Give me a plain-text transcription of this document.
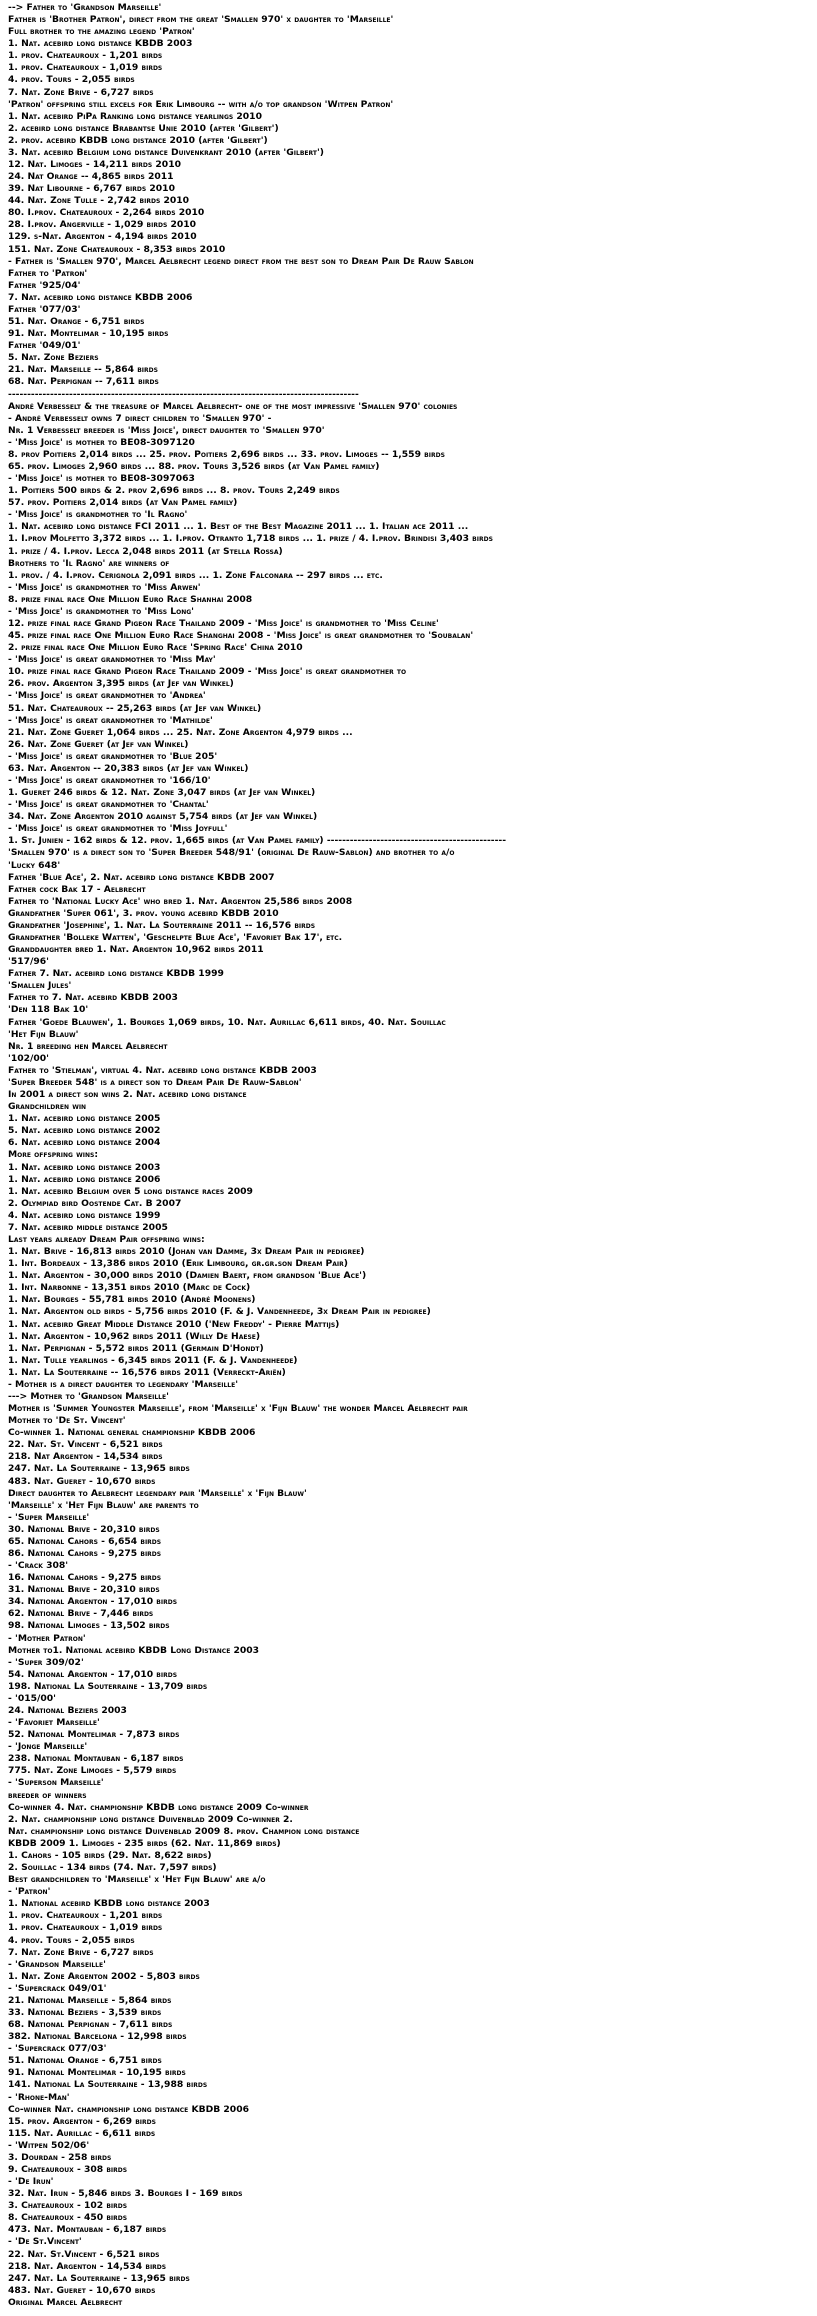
--> Father to 'Grandson Marseille'
Father is 'Brother Patron', direct from the great 'Smallen 970' x daughter to 'Marseille'
Full brother to the amazing legend 'Patron'
1. Nat. acebird long distance KBDB 2003
1. prov. Chateauroux - 1,201 birds
1. prov. Chateauroux - 1,019 birds
4. prov. Tours - 2,055 birds
7. Nat. Zone Brive - 6,727 birds
'Patron' offspring still excels for Erik Limbourg -- with a/o top grandson 'Witpen Patron'
1. Nat. acebird PiPa Ranking long distance yearlings 2010
2. acebird long distance Brabantse Unie 2010 (after 'Gilbert')
2. prov. acebird KBDB long distance 2010 (after 'Gilbert')
3. Nat. acebird Belgium long distance Duivenkrant 2010 (after 'Gilbert')
12. Nat. Limoges - 14,211 birds 2010
24. Nat Orange -- 4,865 birds 2011
39. Nat Libourne - 6,767 birds 2010
44. Nat. Zone Tulle - 2,742 birds 2010
80. I.prov. Chateauroux - 2,264 birds 2010
28. I.prov. Angerville - 1,029 birds 2010
129. s-Nat. Argenton - 4,194 birds 2010
151. Nat. Zone Chateauroux - 8,353 birds 2010
- Father is 'Smallen 970', Marcel Aelbrecht legend direct from the best son to Dream Pair De Rauw Sablon
Father to 'Patron'
Father '925/04'
7. Nat. acebird long distance KBDB 2006
Father '077/03'
51. Nat. Orange - 6,751 birds
91. Nat. Montelimar - 10,195 birds
Father '049/01'
5. Nat. Zone Beziers
21. Nat. Marseille -- 5,864 birds
68. Nat. Perpignan -- 7,611 birds
--------------------------------------------------------------------------------------------
André Verbesselt & the treasure of Marcel Aelbrecht- one of the most impressive 'Smallen 970' colonies
- André Verbesselt owns 7 direct children to 'Smallen 970' -
Nr. 1 Verbesselt breeder is 'Miss Joice', direct daughter to 'Smallen 970'
- 'Miss Joice' is mother to BE08-3097120
8. prov Poitiers 2,014 birds ... 25. prov. Poitiers 2,696 birds ... 33. prov. Limoges -- 1,559 birds
65. prov. Limoges 2,960 birds ... 88. prov. Tours 3,526 birds (at Van Pamel family)
- 'Miss Joice' is mother to BE08-3097063
1. Poitiers 500 birds & 2. prov 2,696 birds ... 8. prov. Tours 2,249 birds
57. prov. Poitiers 2,014 birds (at Van Pamel family)
- 'Miss Joice' is grandmother to 'Il Ragno'
1. Nat. acebird long distance FCI 2011 ... 1. Best of the Best Magazine 2011 ... 1. Italian ace 2011 ...
1. I.prov Molfetto 3,372 birds ... 1. I.prov. Otranto 1,718 birds ... 1. prize / 4. I.prov. Brindisi 3,403 birds
1. prize / 4. I.prov. Lecca 2,048 birds 2011 (at Stella Rossa)
Brothers to 'Il Ragno' are winners of
1. prov. / 4. I.prov. Cerignola 2,091 birds ... 1. Zone Falconara -- 297 birds ... etc.
- 'Miss Joice' is grandmother to 'Miss Arwen'
8. prize final race One Million Euro Race Shanhai 2008
- 'Miss Joice' is grandmother to 'Miss Long'
12. prize final race Grand Pigeon Race Thailand 2009 - 'Miss Joice' is grandmother to 'Miss Celine'
45. prize final race One Million Euro Race Shanghai 2008 - 'Miss Joice' is great grandmother to 'Soubalan'
2. prize final race One Million Euro Race 'Spring Race' China 2010
- 'Miss Joice' is great grandmother to 'Miss May'
10. prize final race Grand Pigeon Race Thailand 2009 - 'Miss Joice' is great grandmother to
26. prov. Argenton 3,395 birds (at Jef van Winkel)
- 'Miss Joice' is great grandmother to 'Andrea'
51. Nat. Chateauroux -- 25,263 birds (at Jef van Winkel)
- 'Miss Joice' is great grandmother to 'Mathilde'
21. Nat. Zone Gueret 1,064 birds ... 25. Nat. Zone Argenton 4,979 birds ...
26. Nat. Zone Gueret (at Jef van Winkel)
- 'Miss Joice' is great grandmother to 'Blue 205'
63. Nat. Argenton -- 20,383 birds (at Jef van Winkel)
- 'Miss Joice' is great grandmother to '166/10'
1. Gueret 246 birds & 12. Nat. Zone 3,047 birds (at Jef van Winkel)
- 'Miss Joice' is great grandmother to 'Chantal'
34. Nat. Zone Argenton 2010 against 5,754 birds (at Jef van Winkel)
- 'Miss Joice' is great grandmother to 'Miss Joyfull'
1. St. Junien - 162 birds & 12. prov. 1,665 birds (at Van Pamel family) -----------------------------------------------
'Smallen 970' is a direct son to 'Super Breeder 548/91' (original De Rauw-Sablon) and brother to a/o
'Lucky 648'
Father 'Blue Ace', 2. Nat. acebird long distance KBDB 2007
Father cock Bak 17 - Aelbrecht
Father to 'National Lucky Ace' who bred 1. Nat. Argenton 25,586 birds 2008
Grandfather 'Super 061', 3. prov. young acebird KBDB 2010
Grandfather 'Josephine', 1. Nat. La Souterraine 2011 -- 16,576 birds
Grandfather 'Bolleke Watten', 'Geschelpte Blue Ace', 'Favoriet Bak 17', etc.
Granddaughter bred 1. Nat. Argenton 10,962 birds 2011
'517/96'
Father 7. Nat. acebird long distance KBDB 1999
'Smallen Jules'
Father to 7. Nat. acebird KBDB 2003
'Den 118 Bak 10'
Father 'Goede Blauwen', 1. Bourges 1,069 birds, 10. Nat. Aurillac 6,611 birds, 40. Nat. Souillac
'Het Fijn Blauw'
Nr. 1 breeding hen Marcel Aelbrecht
'102/00'
Father to 'Stielman', virtual 4. Nat. acebird long distance KBDB 2003
'Super Breeder 548' is a direct son to Dream Pair De Rauw-Sablon'
In 2001 a direct son wins 2. Nat. acebird long distance
Grandchildren win
1. Nat. acebird long distance 2005
5. Nat. acebird long distance 2002
6. Nat. acebird long distance 2004
More offspring wins:
1. Nat. acebird long distance 2003
1. Nat. acebird long distance 2006
1. Nat. acebird Belgium over 5 long distance races 2009
2. Olympiad bird Oostende Cat. B 2007
4. Nat. acebird long distance 1999
7. Nat. acebird middle distance 2005
Last years already Dream Pair offspring wins:
1. Nat. Brive - 16,813 birds 2010 (Johan van Damme, 3x Dream Pair in pedigree)
1. Int. Bordeaux - 13,386 birds 2010 (Erik Limbourg, gr.gr.son Dream Pair)
1. Nat. Argenton - 30,000 birds 2010 (Damien Baert, from grandson 'Blue Ace')
1. Int. Narbonne - 13,351 birds 2010 (Marc de Cock)
1. Nat. Bourges - 55,781 birds 2010 (André Moonens)
1. Nat. Argenton old birds - 5,756 birds 2010 (F. & J. Vandenheede, 3x Dream Pair in pedigree)
1. Nat. acebird Great Middle Distance 2010 ('New Freddy' - Pierre Mattijs)
1. Nat. Argenton - 10,962 birds 2011 (Willy De Haese)
1. Nat. Perpignan - 5,572 birds 2011 (Germain D'Hondt)
1. Nat. Tulle yearlings - 6,345 birds 2011 (F. & J. Vandenheede)
1. Nat. La Souterraine -- 16,576 birds 2011 (Verreckt-Ariën)
- Mother is a direct daughter to legendary 'Marseille'
---> Mother to 'Grandson Marseille'
Mother is 'Summer Youngster Marseille', from 'Marseille' x 'Fijn Blauw' the wonder Marcel Aelbrecht pair
Mother to 'De St. Vincent'
Co-winner 1. National general championship KBDB 2006
22. Nat. St. Vincent - 6,521 birds
218. Nat Argenton - 14,534 birds
247. Nat. La Souterraine - 13,965 birds
483. Nat. Gueret - 10,670 birds
Direct daughter to Aelbrecht legendary pair 'Marseille' x 'Fijn Blauw'
'Marseille' x 'Het Fijn Blauw' are parents to
- 'Super Marseille'
30. National Brive - 20,310 birds
65. National Cahors - 6,654 birds
86. National Cahors - 9,275 birds
- 'Crack 308'
16. National Cahors - 9,275 birds
31. National Brive - 20,310 birds
34. National Argenton - 17,010 birds
62. National Brive - 7,446 birds
98. National Limoges - 13,502 birds
- 'Mother Patron'
Mother to1. National acebird KBDB Long Distance 2003
- 'Super 309/02'
54. National Argenton - 17,010 birds
198. National La Souterraine - 13,709 birds
- '015/00'
24. National Beziers 2003
- 'Favoriet Marseille'
52. National Montelimar - 7,873 birds
- 'Jonge Marseille'
238. National Montauban - 6,187 birds
775. Nat. Zone Limoges - 5,579 birds
- 'Superson Marseille'
breeder of winners
Co-winner 4. Nat. championship KBDB long distance 2009 Co-winner
2. Nat. championship long distance Duivenblad 2009 Co-winner 2.
Nat. championship long distance Duivenblad 2009 8. prov. Champion long distance
KBDB 2009 1. Limoges - 235 birds (62. Nat. 11,869 birds)
1. Cahors - 105 birds (29. Nat. 8,622 birds)
2. Souillac - 134 birds (74. Nat. 7,597 birds)
Best grandchildren to 'Marseille' x 'Het Fijn Blauw' are a/o
- 'Patron'
1. National acebird KBDB long distance 2003
1. prov. Chateauroux - 1,201 birds
1. prov. Chateauroux - 1,019 birds
4. prov. Tours - 2,055 birds
7. Nat. Zone Brive - 6,727 birds
- 'Grandson Marseille'
1. Nat. Zone Argenton 2002 - 5,803 birds
- 'Supercrack 049/01'
21. National Marseille - 5,864 birds
33. National Beziers - 3,539 birds
68. National Perpignan - 7,611 birds
382. National Barcelona - 12,998 birds
- 'Supercrack 077/03'
51. National Orange - 6,751 birds
91. National Montelimar - 10,195 birds
141. National La Souterraine - 13,988 birds
- 'Rhone-Man'
Co-winner Nat. championship long distance KBDB 2006
15. prov. Argenton - 6,269 birds
115. Nat. Aurillac - 6,611 birds
- 'Witpen 502/06'
3. Dourdan - 258 birds
9. Chateauroux - 308 birds
- 'De Irun'
32. Nat. Irun - 5,846 birds 3. Bourges I - 169 birds
3. Chateauroux - 102 birds
8. Chateauroux - 450 birds
473. Nat. Montauban - 6,187 birds
- 'De St.Vincent'
22. Nat. St.Vincent - 6,521 birds
218. Nat. Argenton - 14,534 birds
247. Nat. La Souterraine - 13,965 birds
483. Nat. Gueret - 10,670 birds
Original Marcel Aelbrecht
